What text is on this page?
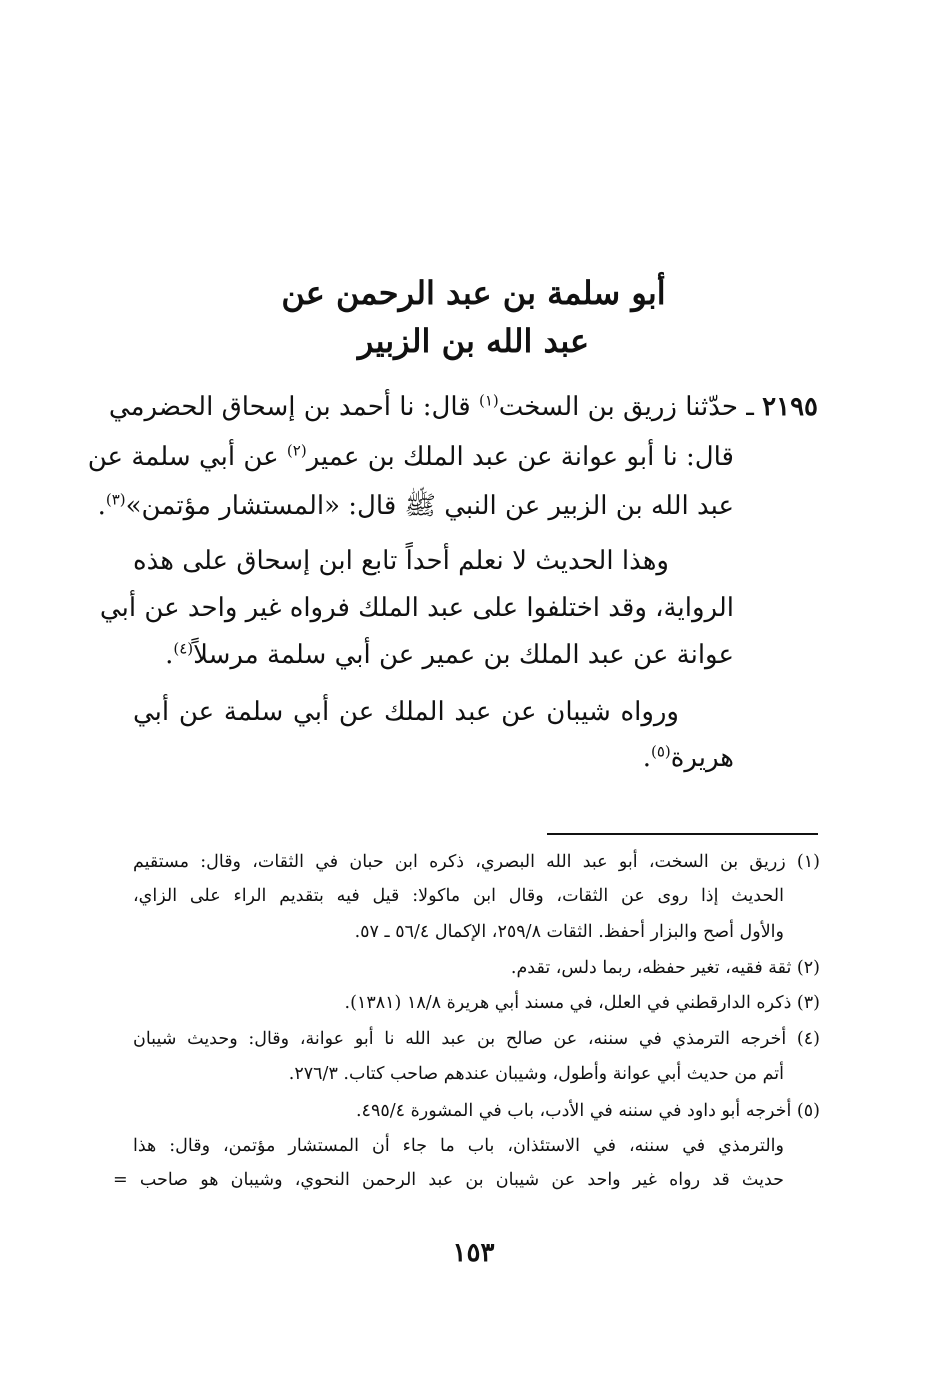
أبو سلمة بن عبد الرحمن عن
عبد الله بن الزبير
٢١٩٥ ـ حدّثنا زريق بن السخت$^{(١)}$ قال: نا أحمد بن إسحاق الحضرمي
قال: نا أبو عوانة عن عبد الملك بن عمير$^{(٢)}$ عن أبي سلمة عن
عبد الله بن الزبير عن النبي ﷺ قال: «المستشار مؤتمن»$^{(٣)}$.
وهذا الحديث لا نعلم أحداً تابع ابن إسحاق على هذه
الرواية، وقد اختلفوا على عبد الملك فرواه غير واحد عن أبي
عوانة عن عبد الملك بن عمير عن أبي سلمة مرسلاً$^{(٤)}$.
ورواه شيبان عن عبد الملك عن أبي سلمة عن أبي
هريرة$^{(٥)}$.
(١) زريق بن السخت، أبو عبد الله البصري، ذكره ابن حبان في الثقات، وقال: مستقيم
الحديث إذا روى عن الثقات، وقال ابن ماكولا: قيل فيه بتقديم الراء على الزاي،
والأول أصح والبزار أحفظ. الثقات ٢٥٩/٨، الإكمال ٥٦/٤ ـ ٥٧.
(٢) ثقة فقيه، تغير حفظه، ربما دلس، تقدم.
(٣) ذكره الدارقطني في العلل، في مسند أبي هريرة ١٨/٨ (١٣٨١).
(٤) أخرجه الترمذي في سننه، عن صالح بن عبد الله نا أبو عوانة، وقال: وحديث شيبان
أتم من حديث أبي عوانة وأطول، وشيبان عندهم صاحب كتاب. ٢٧٦/٣.
(٥) أخرجه أبو داود في سننه في الأدب، باب في المشورة ٤٩٥/٤.
والترمذي في سننه، في الاستئذان، باب ما جاء أن المستشار مؤتمن، وقال: هذا
حديث قد رواه غير واحد عن شيبان بن عبد الرحمن النحوي، وشيبان هو صاحب =
١٥٣
